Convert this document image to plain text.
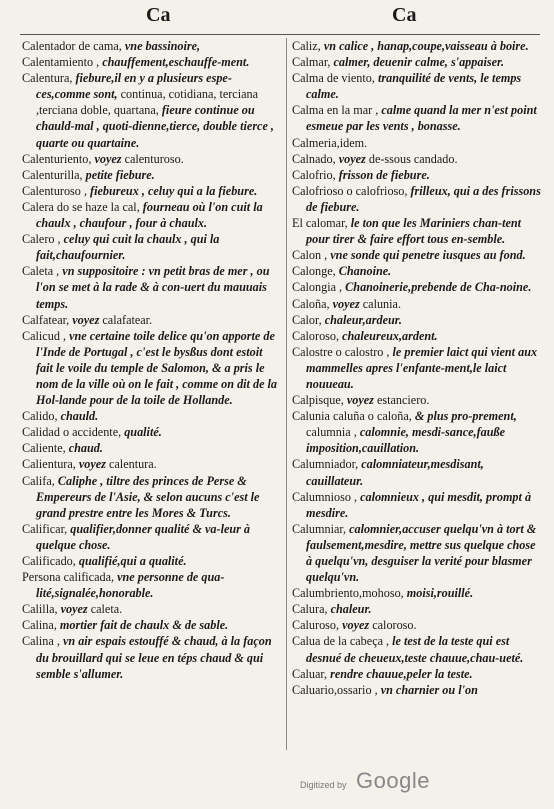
Ca	Ca

Calentador de cama, vne bassinoire,

Calentamiento , chauffement,eschauffe-ment.

Calentura, fiebure,il en y a plusieurs espe-ces,comme sont, continua, cotidiana, terciana ,terciana doble, quartana, fieure continue ou chauld-mal , quoti-dienne,tierce, double tierce , quarte ou quartaine.

Calenturiento, voyez calenturoso.

Calenturilla, petite fiebure.

Calenturoso , fiebureux , celuy qui a la fiebure.

Calera do se haze la cal, fourneau où l'on cuit la chaulx , chaufour , four à chaulx.

Calero , celuy qui cuit la chaulx , qui la fait,chaufournier.

Caleta , vn suppositoire : vn petit bras de mer , ou l'on se met à la rade & à con-uert du mauuais temps.

Calfatear, voyez calafatear.

Calicud , vne certaine toile delice qu'on apporte de l'Inde de Portugal , c'est le bysßus dont estoit fait le voile du temple de Salomon, & a pris le nom de la ville où on le fait , comme on dit de la Hol-lande pour de la toile de Hollande.

Calido, chauld.

Calidad o accidente, qualité.

Caliente, chaud.

Calientura, voyez calentura.

Califa, Caliphe , tiltre des princes de Perse & Empereurs de l'Asie, & selon aucuns c'est le grand prestre entre les Mores & Turcs.

Calificar, qualifier,donner qualité & va-leur à quelque chose.

Calificado, qualifié,qui a qualité.

Persona calificada, vne personne de qua-lité,signalée,honorable.

Calilla, voyez caleta.

Calina, mortier fait de chaulx & de sable.

Calina , vn air espais estouffé & chaud, à la façon du brouillard qui se leue en téps chaud & qui semble s'allumer.

Caliz, vn calice , hanap,coupe,vaisseau à boire.

Calmar, calmer, deuenir calme, s'appaiser.

Calma de viento, tranquilité de vents, le temps calme.

Calma en la mar , calme quand la mer n'est point esmeue par les vents , bonasse.

Calmeria,idem.

Calnado, voyez de-ssous candado.

Calofrio, frisson de fiebure.

Calofrioso o calofrioso, frilleux, qui a des frissons de fiebure.

El calomar, le ton que les Mariniers chan-tent pour tirer & faire effort tous en-semble.

Calon , vne sonde qui penetre iusques au fond.

Calonge, Chanoine.

Calongia , Chanoinerie,prebende de Cha-noine.

Caloña, voyez calunia.

Calor, chaleur,ardeur.

Caloroso, chaleureux,ardent.

Calostre o calostro , le premier laict qui vient aux mammelles apres l'enfante-ment,le laict nouueau.

Calpisque, voyez estanciero.

Calunia caluña o caloña, & plus pro-prement, calumnia , calomnie, mesdi-sance,fauße imposition,cauillation.

Calumniador, calomniateur,mesdisant, cauillateur.

Calumnioso , calomnieux , qui mesdit, prompt à mesdire.

Calumniar, calomnier,accuser quelqu'vn à tort & faulsement,mesdire, mettre sus quelque chose à quelqu'vn, desguiser la verité pour blasmer quelqu'vn.

Calumbriento,mohoso, moisi,rouillé.

Calura, chaleur.

Caluroso, voyez caloroso.

Calua de la cabeça , le test de la teste qui est desnué de cheueux,teste chauue,chau-ueté.

Caluar, rendre chauue,peler la teste.

Caluario,ossario , vn charnier ou l'on

Digitized by Google
